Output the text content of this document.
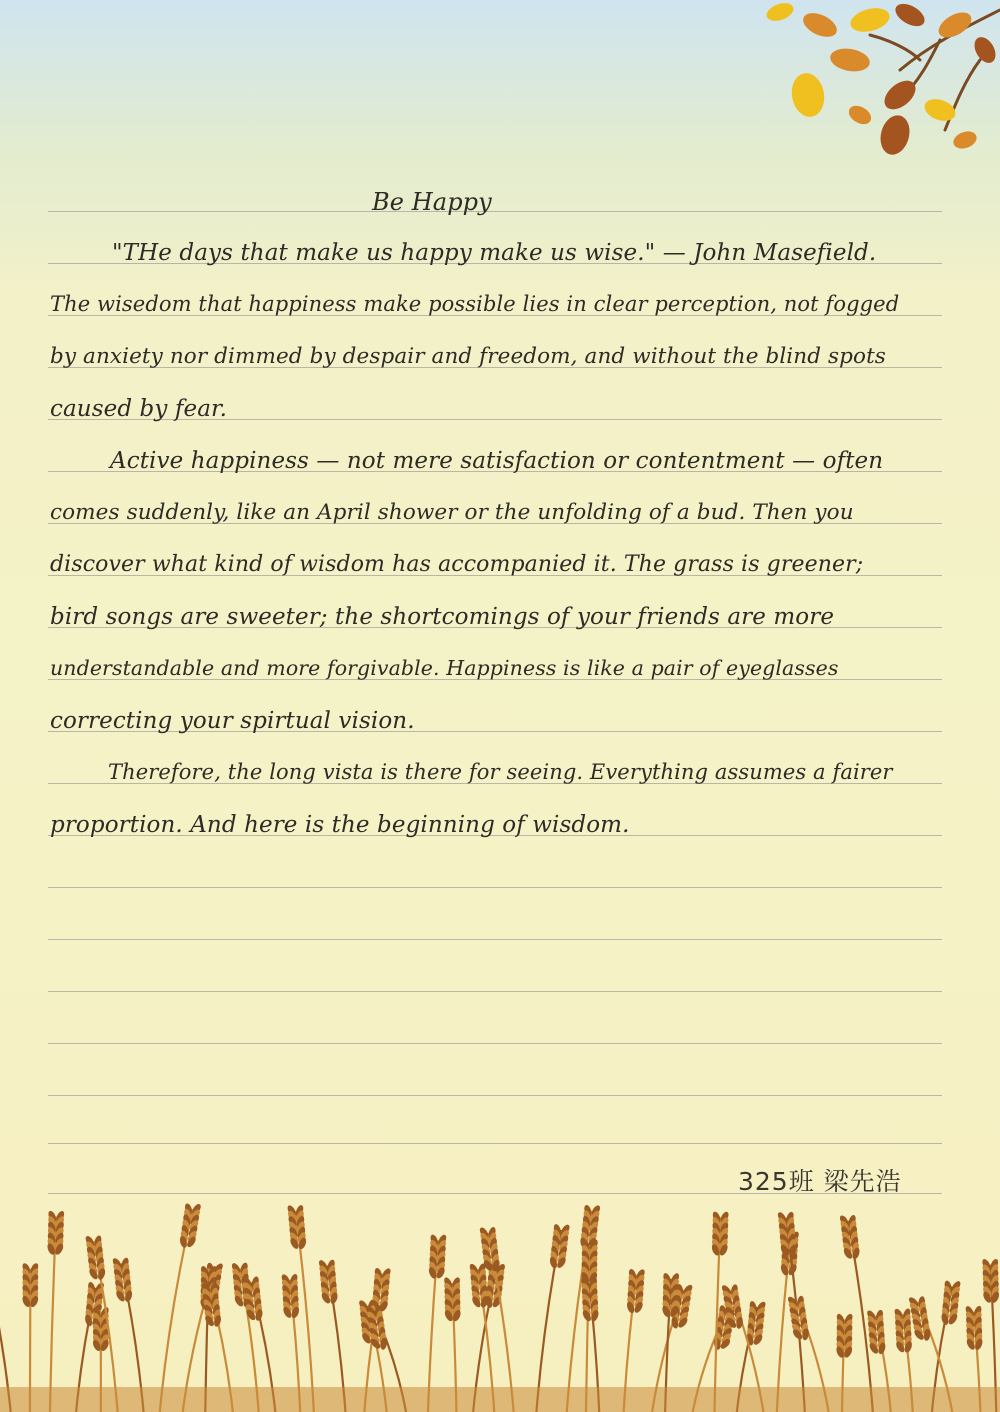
Be Happy
"THe days that make us happy make us wise." — John Masefield.
The wisedom that happiness make possible lies in clear perception, not fogged
by anxiety nor dimmed by despair and freedom, and without the blind spots
caused by fear.
Active happiness — not mere satisfaction or contentment — often
comes suddenly, like an April shower or the unfolding of a bud. Then you
discover what kind of wisdom has accompanied it. The grass is greener;
bird songs are sweeter; the shortcomings of your friends are more
understandable and more forgivable. Happiness is like a pair of eyeglasses
correcting your spirtual vision.
Therefore, the long vista is there for seeing. Everything assumes a fairer
proportion. And here is the beginning of wisdom.
325班 梁先浩
